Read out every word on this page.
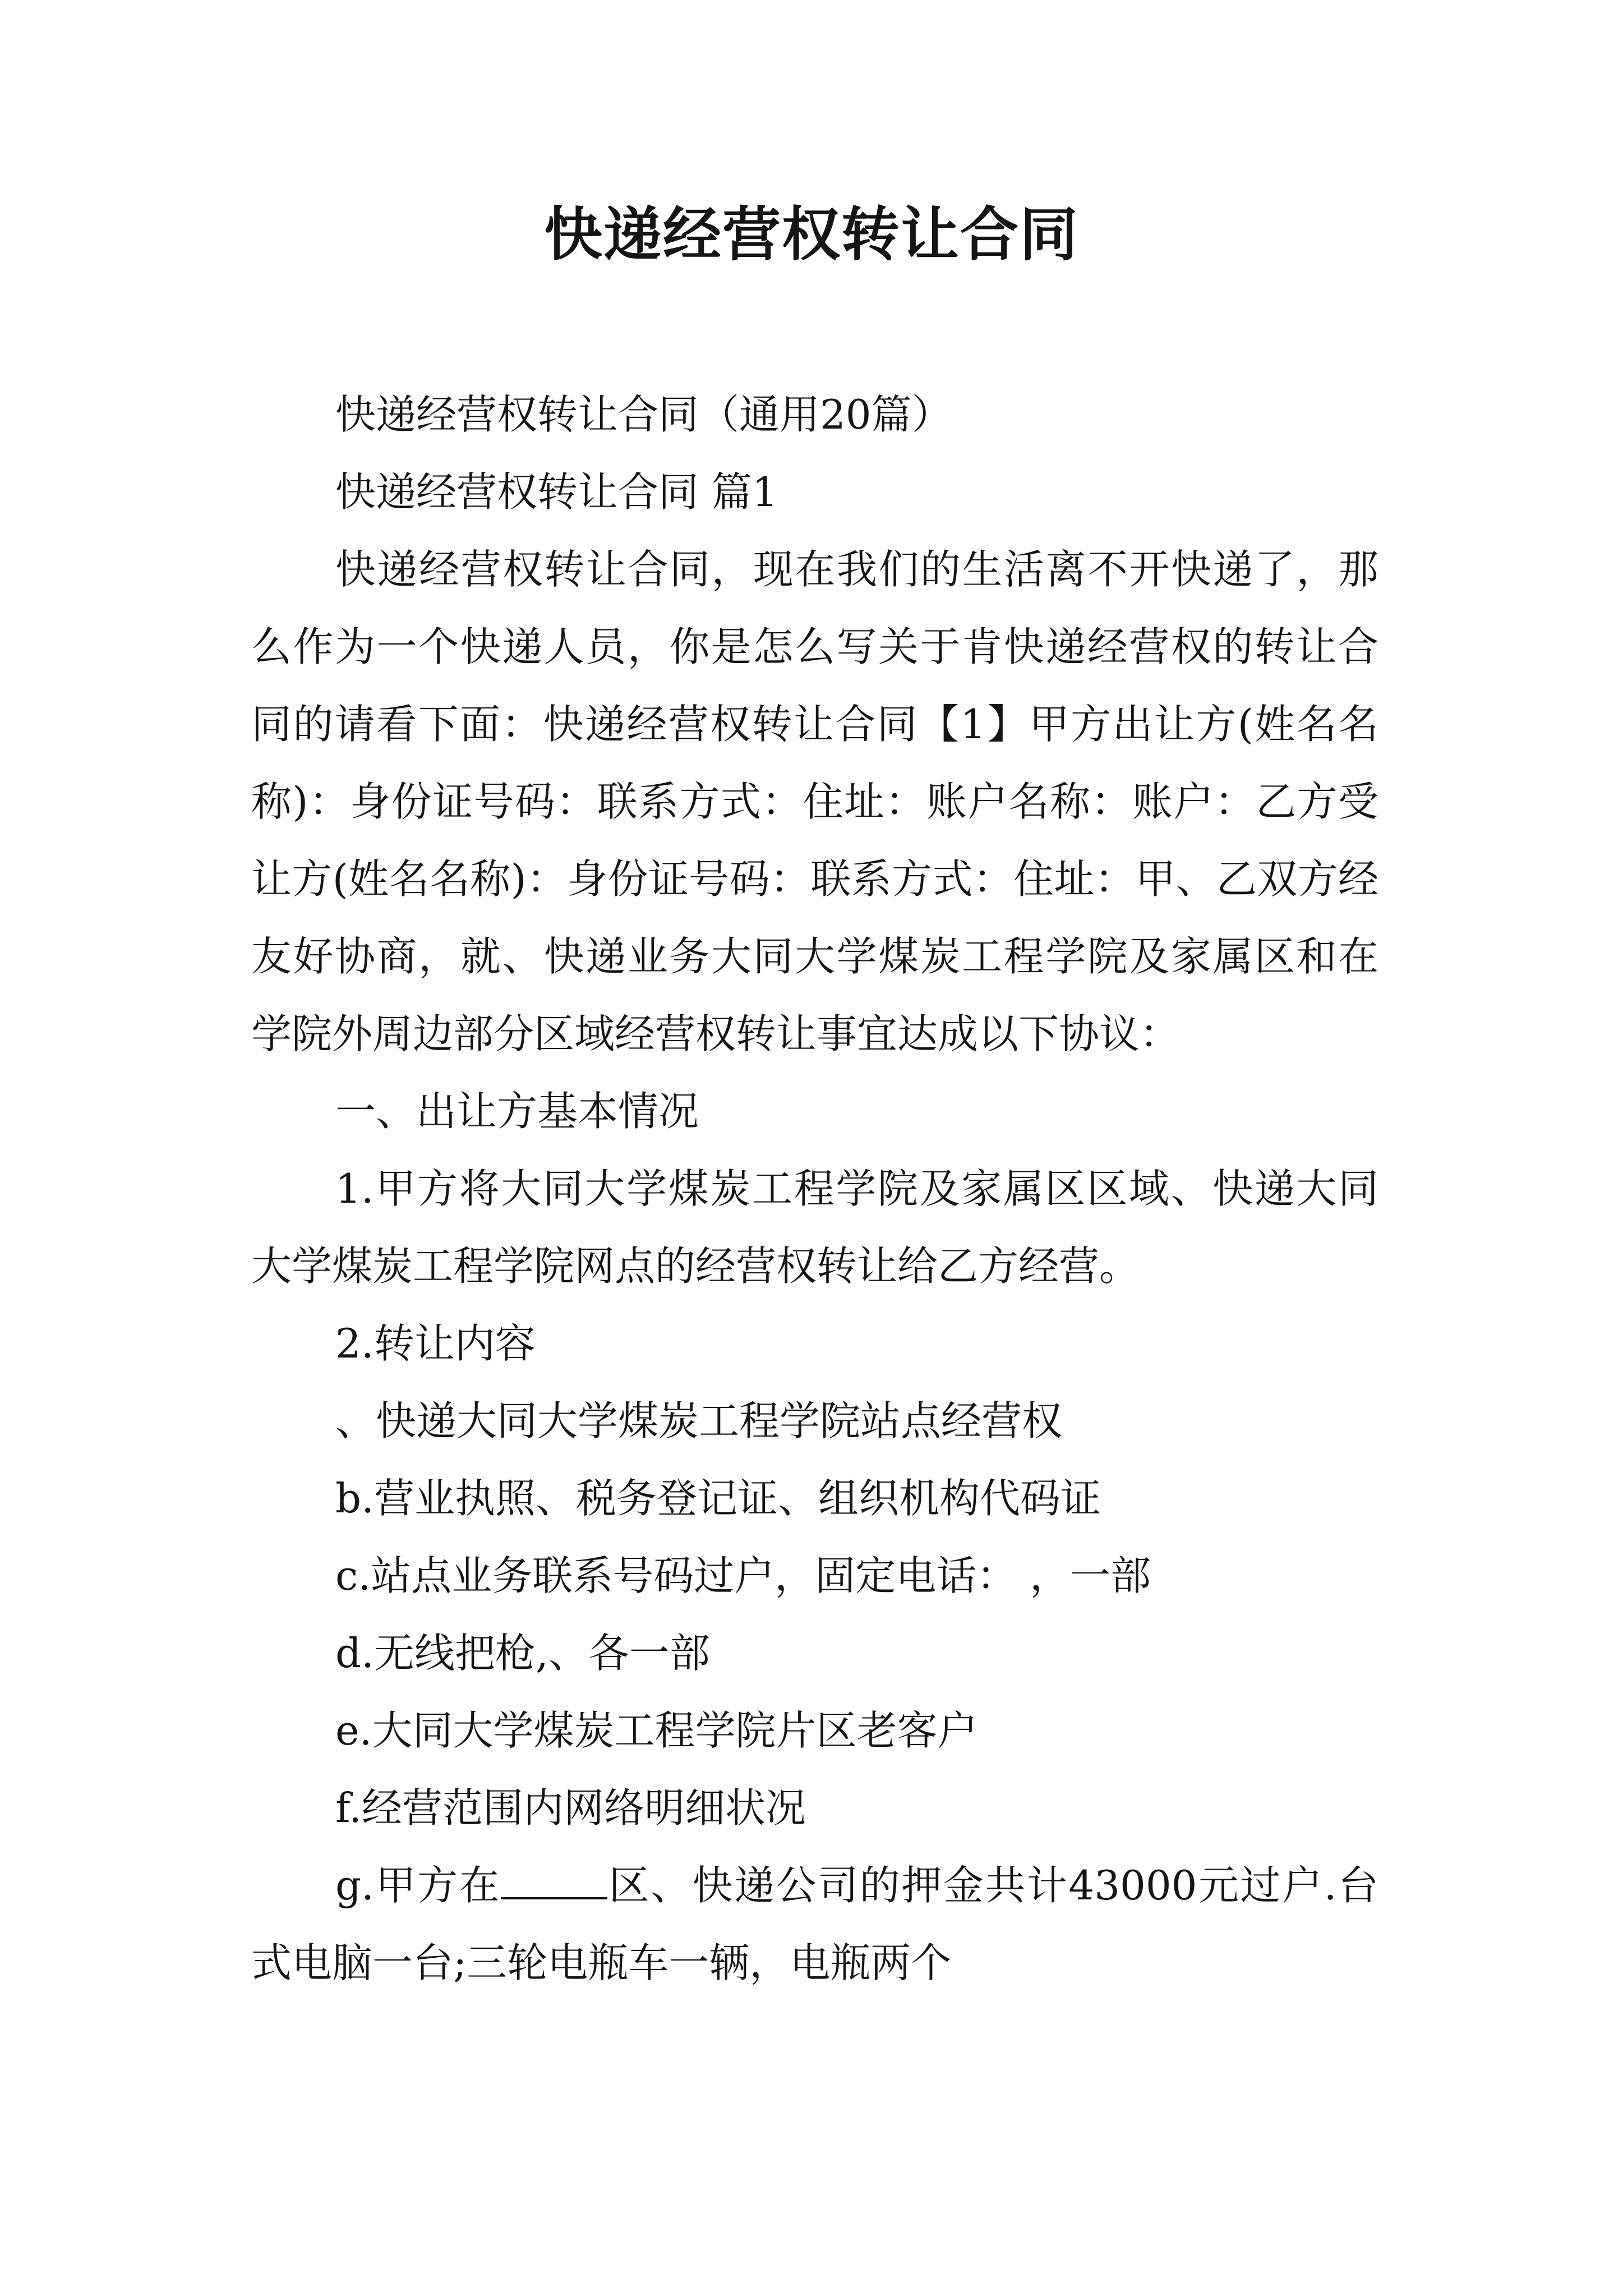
快递经营权转让合同

快递经营权转让合同（通用20篇）

快递经营权转让合同 篇1

快递经营权转让合同，现在我们的生活离不开快递了，那么作为一个快递人员，你是怎么写关于肯快递经营权的转让合同的请看下面：快递经营权转让合同【1】甲方出让方(姓名名称)：身份证号码：联系方式：住址：账户名称：账户：乙方受让方(姓名名称)：身份证号码：联系方式：住址：甲、乙双方经友好协商，就、快递业务大同大学煤炭工程学院及家属区和在学院外周边部分区域经营权转让事宜达成以下协议：

一、出让方基本情况

1.甲方将大同大学煤炭工程学院及家属区区域、快递大同大学煤炭工程学院网点的经营权转让给乙方经营。

2.转让内容

、快递大同大学煤炭工程学院站点经营权

b.营业执照、税务登记证、组织机构代码证

c.站点业务联系号码过户，固定电话： ，一部

d.无线把枪,、各一部

e.大同大学煤炭工程学院片区老客户

f.经营范围内网络明细状况

g.甲方在	区、快递公司的押金共计43000元过户.台式电脑一台;三轮电瓶车一辆，电瓶两个
